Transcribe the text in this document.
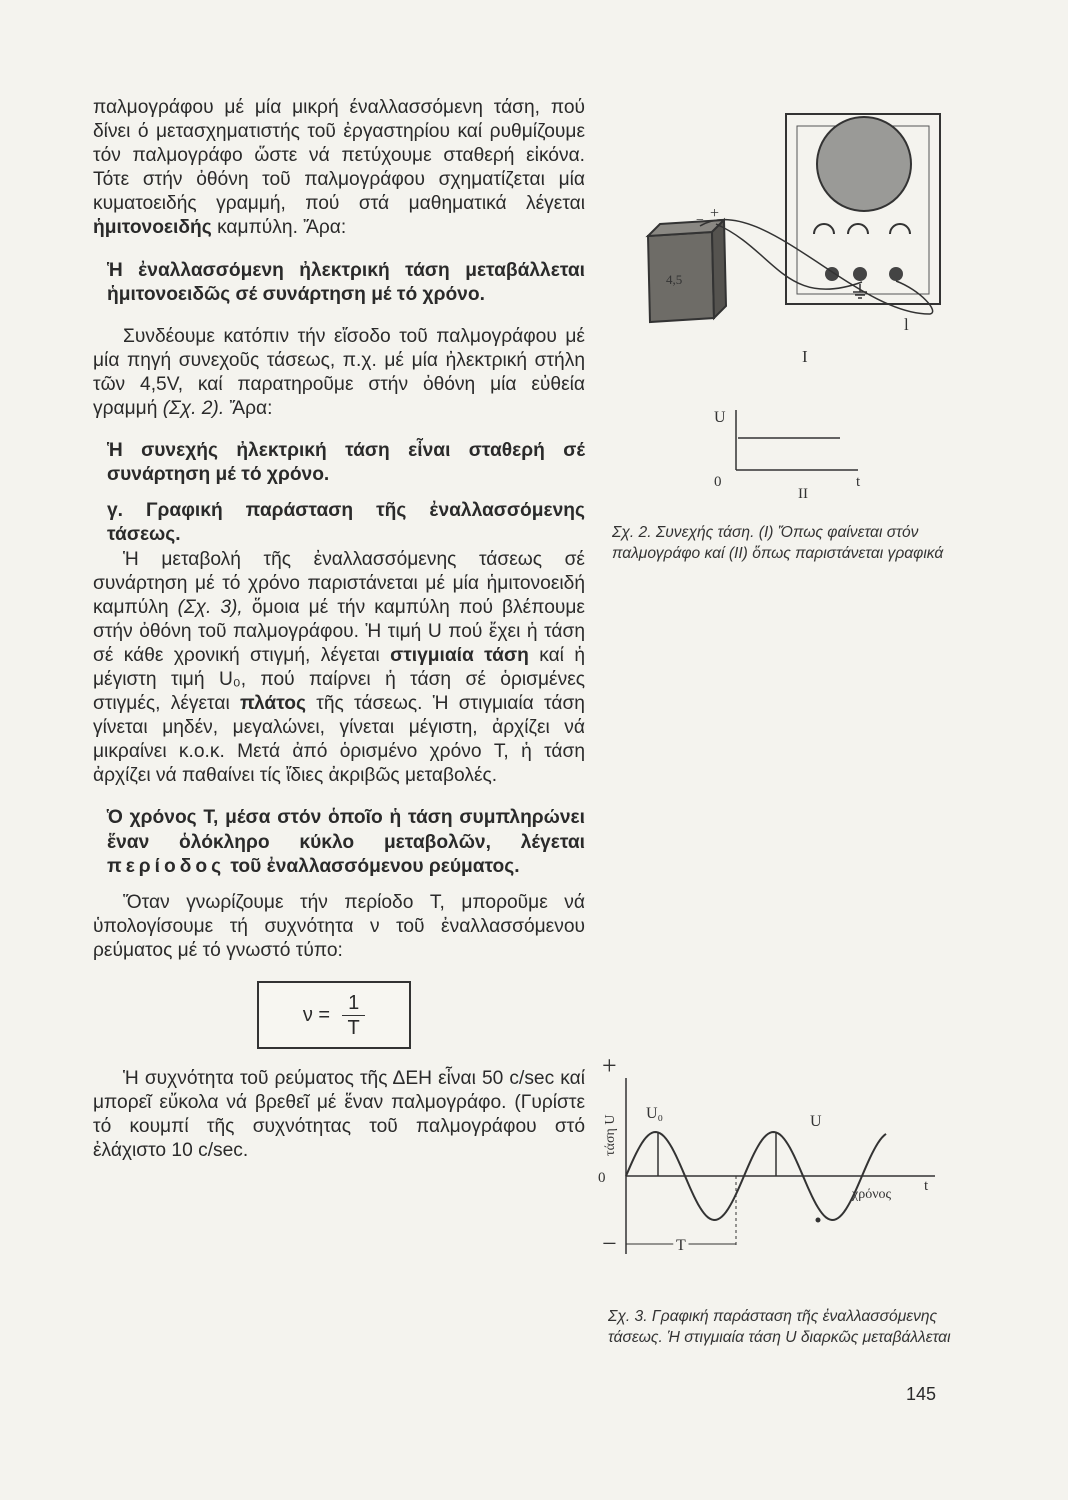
παλμογράφου μέ μία μικρή έναλλασσόμενη τάση, πού δίνει ό μετασχηματιστής τοῦ ἐργαστηρίου καί ρυθμίζουμε τόν παλμογράφο ὥστε νά πετύχουμε σταθερή εἰκόνα. Τότε στήν ὀθόνη τοῦ παλμογράφου σχηματίζεται μία κυματοειδής γραμμή, πού στά μαθηματικά λέγεται ἡμιτονοειδής καμπύλη. Ἄρα:

Ἡ ἐναλλασσόμενη ἠλεκτρική τάση μεταβάλλεται ἡμιτονοειδῶς σέ συνάρτηση μέ τό χρόνο.

Συνδέουμε κατόπιν τήν εἴσοδο τοῦ παλμογράφου μέ μία πηγή συνεχοῦς τάσεως, π.χ. μέ μία ἠλεκτρική στήλη τῶν 4,5V, καί παρατηροῦμε στήν ὀθόνη μία εὐθεία γραμμή (Σχ. 2). Ἄρα:

Ἡ συνεχής ἠλεκτρική τάση εἶναι σταθερή σέ συνάρτηση μέ τό χρόνο.

γ. Γραφική παράσταση τῆς ἐναλλασσόμενης τάσεως.

Ἡ μεταβολή τῆς ἐναλλασσόμενης τάσεως σέ συνάρτηση μέ τό χρόνο παριστάνεται μέ μία ἡμιτονοειδή καμπύλη (Σχ. 3), ὅμοια μέ τήν καμπύλη πού βλέπουμε στήν ὀθόνη τοῦ παλμογράφου. Ἡ τιμή U πού ἔχει ἡ τάση σέ κάθε χρονική στιγμή, λέγεται στιγμιαία τάση καί ἡ μέγιστη τιμή U₀, πού παίρνει ἡ τάση σέ ὁρισμένες στιγμές, λέγεται πλάτος τῆς τάσεως. Ἡ στιγμιαία τάση γίνεται μηδέν, μεγαλώνει, γίνεται μέγιστη, ἀρχίζει νά μικραίνει κ.ο.κ. Μετά ἀπό ὁρισμένο χρόνο T, ἡ τάση ἀρχίζει νά παθαίνει τίς ἴδιες ἀκριβῶς μεταβολές.

Ὁ χρόνος T, μέσα στόν ὁποῖο ἡ τάση συμπληρώνει ἕναν ὁλόκληρο κύκλο μεταβολῶν, λέγεται περίοδος τοῦ ἐναλλασσόμενου ρεύματος.

Ὅταν γνωρίζουμε τήν περίοδο T, μποροῦμε νά ὑπολογίσουμε τή συχνότητα ν τοῦ ἐναλλασσόμενου ρεύματος μέ τό γνωστό τύπο:

$\nu = \frac{1}{T}$

Ἡ συχνότητα τοῦ ρεύματος τῆς ΔΕΗ εἶναι 50 c/sec καί μπορεῖ εὔκολα νά βρεθεῖ μέ ἕναν παλμογράφο. (Γυρίστε τό κουμπί τῆς συχνότητας τοῦ παλμογράφου στό ἐλάχιστο 10 c/sec.

4,5
+
−
I
l
U
0	t
II
Σχ. 2. Συνεχής τάση. (I) Ὅπως φαίνεται στόν παλμογράφο καί (II) ὅπως παριστάνεται γραφικά
+
τάση U
0
−	T
U₀	U
χρόνος
t
Σχ. 3. Γραφική παράσταση τῆς ἐναλλασσόμενης τάσεως. Ἡ στιγμιαία τάση U διαρκῶς μεταβάλλεται
145
